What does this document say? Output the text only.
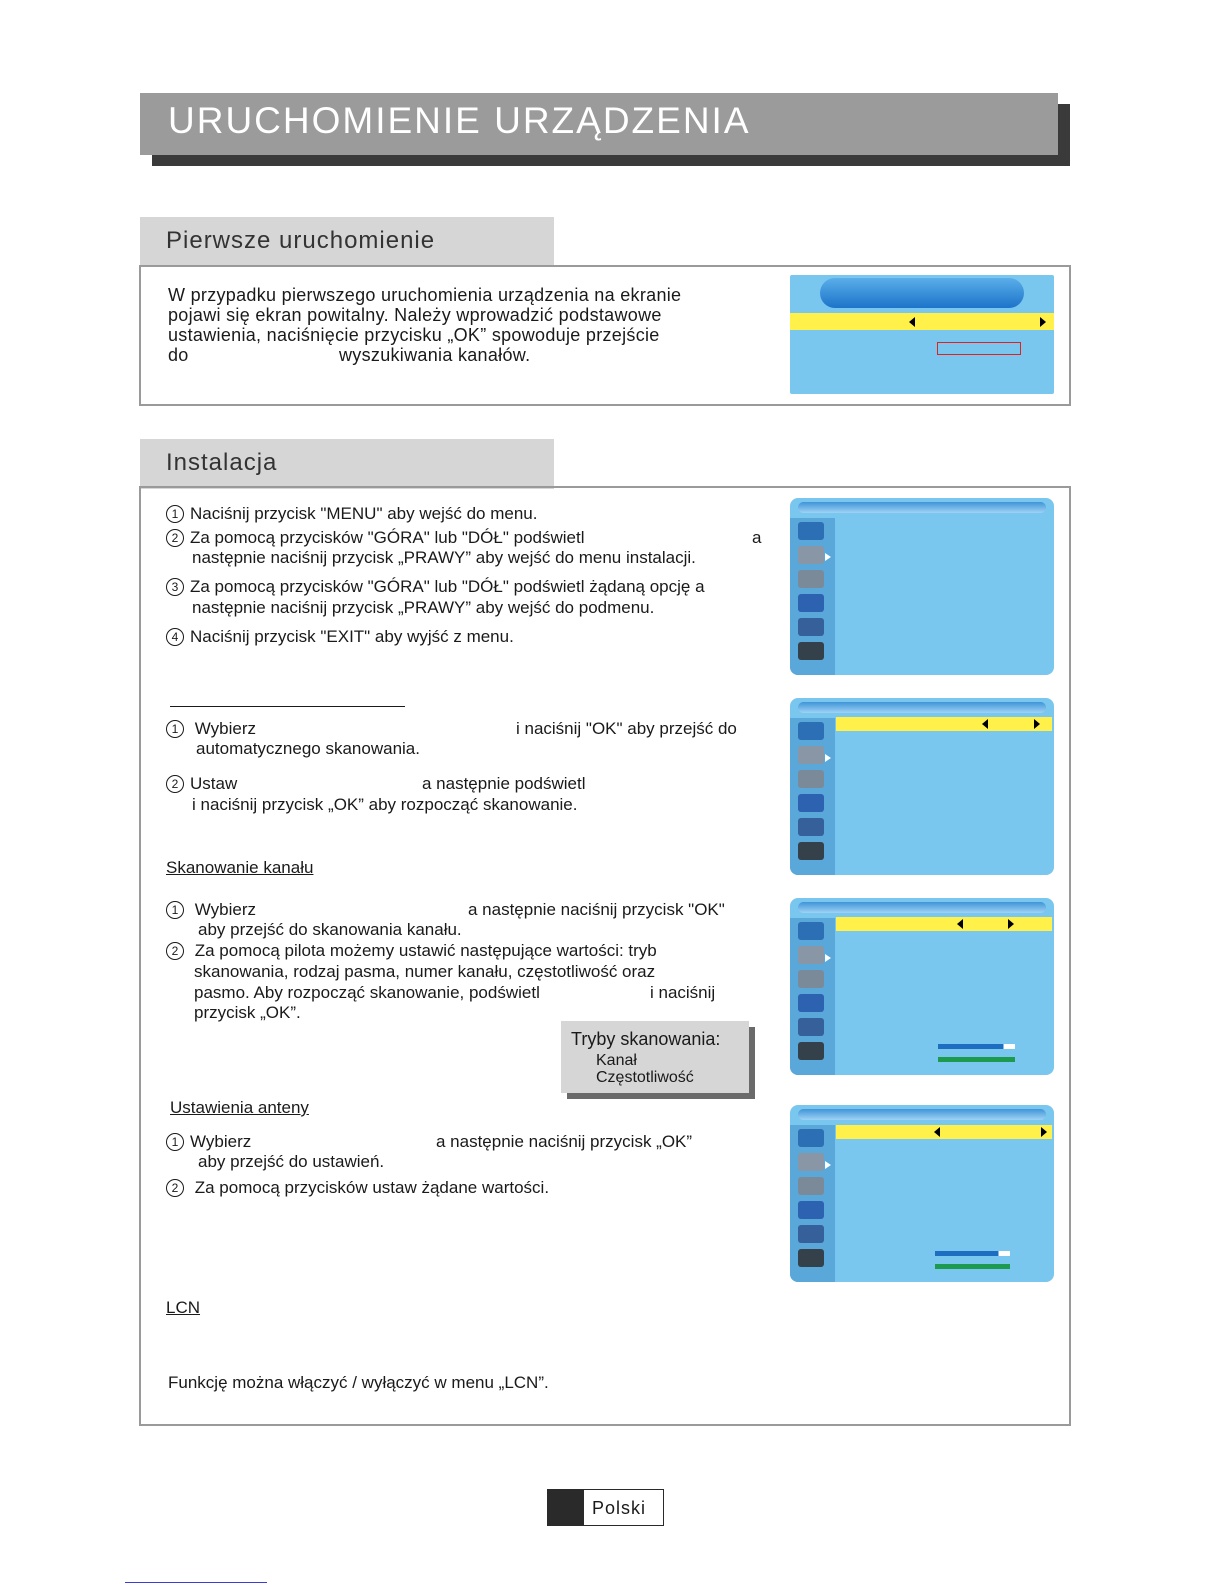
URUCHOMIENIE URZĄDZENIA
Pierwsze uruchomienie
W przypadku pierwszego uruchomienia urządzenia na ekranie
pojawi się ekran powitalny. Należy wprowadzić podstawowe
ustawienia, naciśnięcie przycisku „OK” spowoduje przejście
do	wyszukiwania kanałów.
Instalacja
1 Naciśnij przycisk "MENU" aby wejść do menu.
2 Za pomocą przycisków "GÓRA" lub "DÓŁ" podświetl	a
następnie naciśnij przycisk „PRAWY” aby wejść do menu instalacji.
3 Za pomocą przycisków "GÓRA" lub "DÓŁ" podświetl żądaną opcję a
następnie naciśnij przycisk „PRAWY” aby wejść do podmenu.
4 Naciśnij przycisk "EXIT" aby wyjść z menu.
1 Wybierz	i naciśnij "OK" aby przejść do
automatycznego skanowania.
2 Ustaw	a następnie podświetl
i naciśnij przycisk „OK” aby rozpocząć skanowanie.
Skanowanie kanału
1 Wybierz	a następnie naciśnij przycisk "OK"
aby przejść do skanowania kanału.
2 Za pomocą pilota możemy ustawić następujące wartości: tryb
skanowania, rodzaj pasma, numer kanału, częstotliwość oraz
pasmo. Aby rozpocząć skanowanie, podświetl	i naciśnij
przycisk „OK”.
Tryby skanowania:
Kanał
Częstotliwość
Ustawienia anteny
1 Wybierz	a następnie naciśnij przycisk „OK”
aby przejść do ustawień.
2 Za pomocą przycisków ustaw żądane wartości.
LCN
Funkcję można włączyć / wyłączyć w menu „LCN”.
Polski
